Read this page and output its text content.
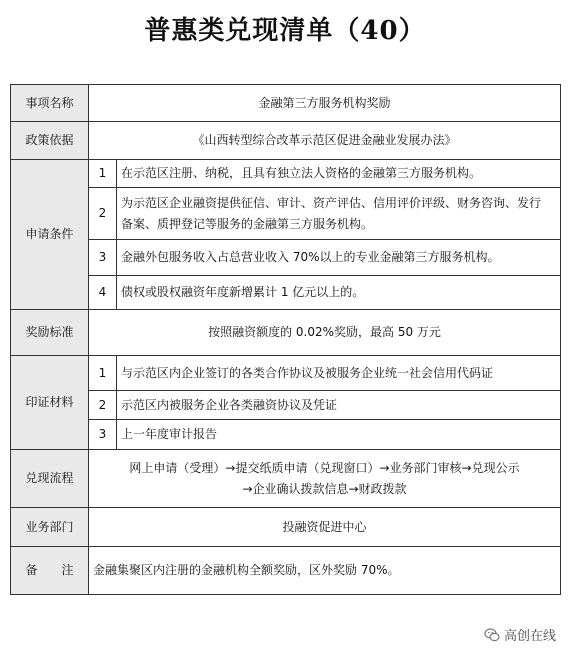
普惠类兑现清单（40）
事项名称	金融第三方服务机构奖励	
政策依据	《山西转型综合改革示范区促进金融业发展办法》	
申请条件	1	在示范区注册、纳税，且具有独立法人资格的金融第三方服务机构。
	2	为示范区企业融资提供征信、审计、资产评估、信用评价评级、财务咨询、发行
备案、质押登记等服务的金融第三方服务机构。

	3	金融外包服务收入占总营业收入 70%以上的专业金融第三方服务机构。
	4	债权或股权融资年度新增累计 1 亿元以上的。
奖励标准	按照融资额度的 0.02%奖励，最高 50 万元	
印证材料	1	与示范区内企业签订的各类合作协议及被服务企业统一社会信用代码证
	2	示范区内被服务企业各类融资协议及凭证
	3	上一年度审计报告
兑现流程	网上申请（受理）→提交纸质申请（兑现窗口）→业务部门审核→兑现公示
→企业确认拨款信息→财政拨款	

业务部门	投融资促进中心	
备　　注	金融集聚区内注册的金融机构全额奖励，区外奖励 70%。	
高创在线
